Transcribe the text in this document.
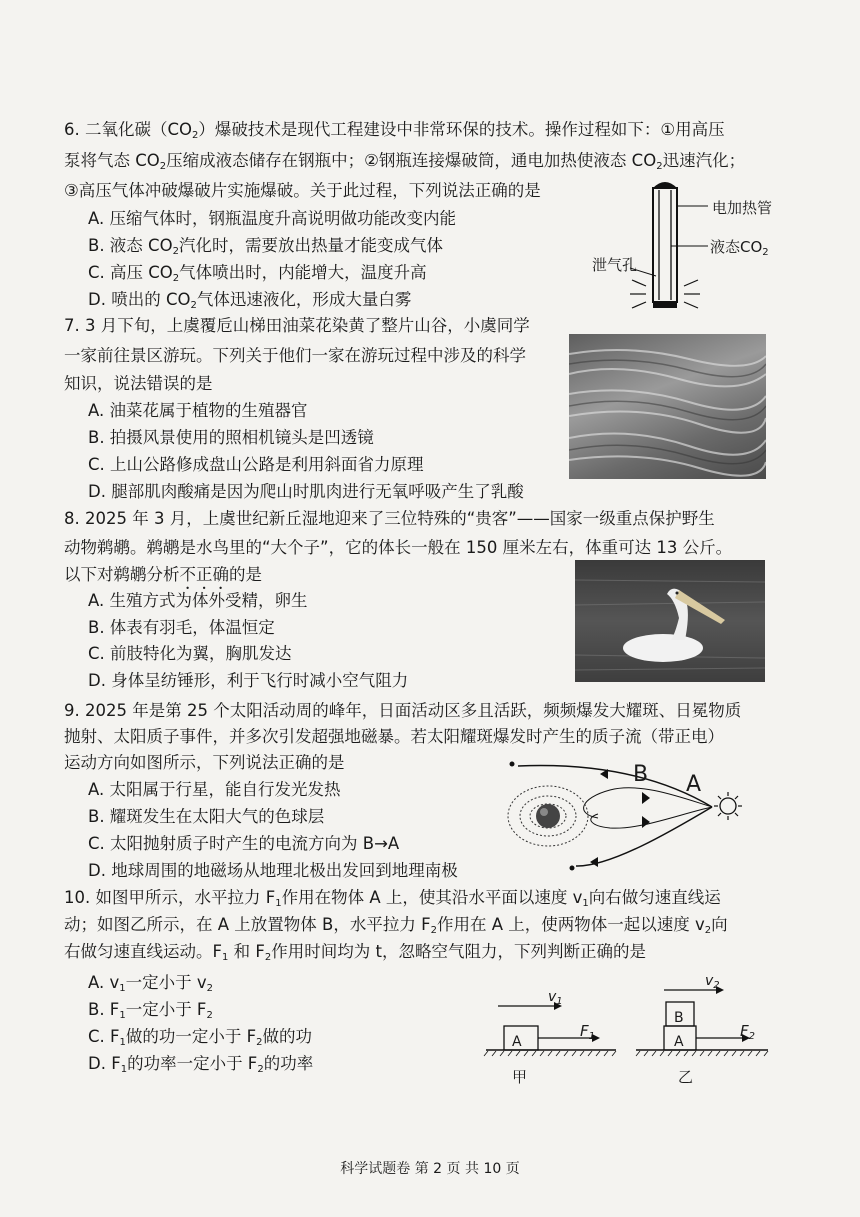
6. 二氧化碳$(CO_2)$爆破技术是现代工程建设中非常环保的技术。操作过程如下：①用高压
泵将气态 $CO_2$压缩成液态储存在钢瓶中；②钢瓶连接爆破筒，通电加热使液态 $CO_2$迅速汽化；
③高压气体冲破爆破片实施爆破。关于此过程，下列说法正确的是
A. 压缩气体时，钢瓶温度升高说明做功能改变内能
B. 液态 $CO_2$汽化时，需要放出热量才能变成气体
C. 高压 $CO_2$气体喷出时，内能增大，温度升高
D. 喷出的 $CO_2$气体迅速液化，形成大量白雾
电加热管
液态$CO_2$
泄气孔
7. 3 月下旬，上虞覆卮山梯田油菜花染黄了整片山谷，小虞同学
一家前往景区游玩。下列关于他们一家在游玩过程中涉及的科学
知识，说法错误的是
A. 油菜花属于植物的生殖器官
B. 拍摄风景使用的照相机镜头是凹透镜
C. 上山公路修成盘山公路是利用斜面省力原理
D. 腿部肌肉酸痛是因为爬山时肌肉进行无氧呼吸产生了乳酸
8. 2025 年 3 月，上虞世纪新丘湿地迎来了三位特殊的“贵客”——国家一级重点保护野生
动物鹈鹕。鹈鹕是水鸟里的“大个子”，它的体长一般在 150 厘米左右，体重可达 13 公斤。
以下对鹈鹕分析不正确的是
A. 生殖方式为体外受精，卵生
B. 体表有羽毛，体温恒定
C. 前肢特化为翼，胸肌发达
D. 身体呈纺锤形，利于飞行时减小空气阻力
9. 2025 年是第 25 个太阳活动周的峰年，日面活动区多且活跃，频频爆发大耀斑、日冕物质
抛射、太阳质子事件，并多次引发超强地磁暴。若太阳耀斑爆发时产生的质子流（带正电）
运动方向如图所示，下列说法正确的是
A. 太阳属于行星，能自行发光发热
B. 耀斑发生在太阳大气的色球层
C. 太阳抛射质子时产生的电流方向为 B→A
D. 地球周围的地磁场从地理北极出发回到地理南极
B A
10. 如图甲所示，水平拉力 $F_1$作用在物体 A 上，使其沿水平面以速度 $v_1$向右做匀速直线运
动；如图乙所示，在 A 上放置物体 B，水平拉力 $F_2$作用在 A 上，使两物体一起以速度 $v_2$向
右做匀速直线运动。$F_1$ 和 $F_2$作用时间均为 t，忽略空气阻力，下列判断正确的是
A. $v_1$一定小于 $v_2$
B. $F_1$一定小于 $F_2$
C. $F_1$做的功一定小于 $F_2$做的功
D. $F_1$的功率一定小于 $F_2$的功率
$v_1$
$F_1$
A
甲
$v_2$
$F_2$
B
A
乙
科学试题卷 第 2 页 共 10 页
